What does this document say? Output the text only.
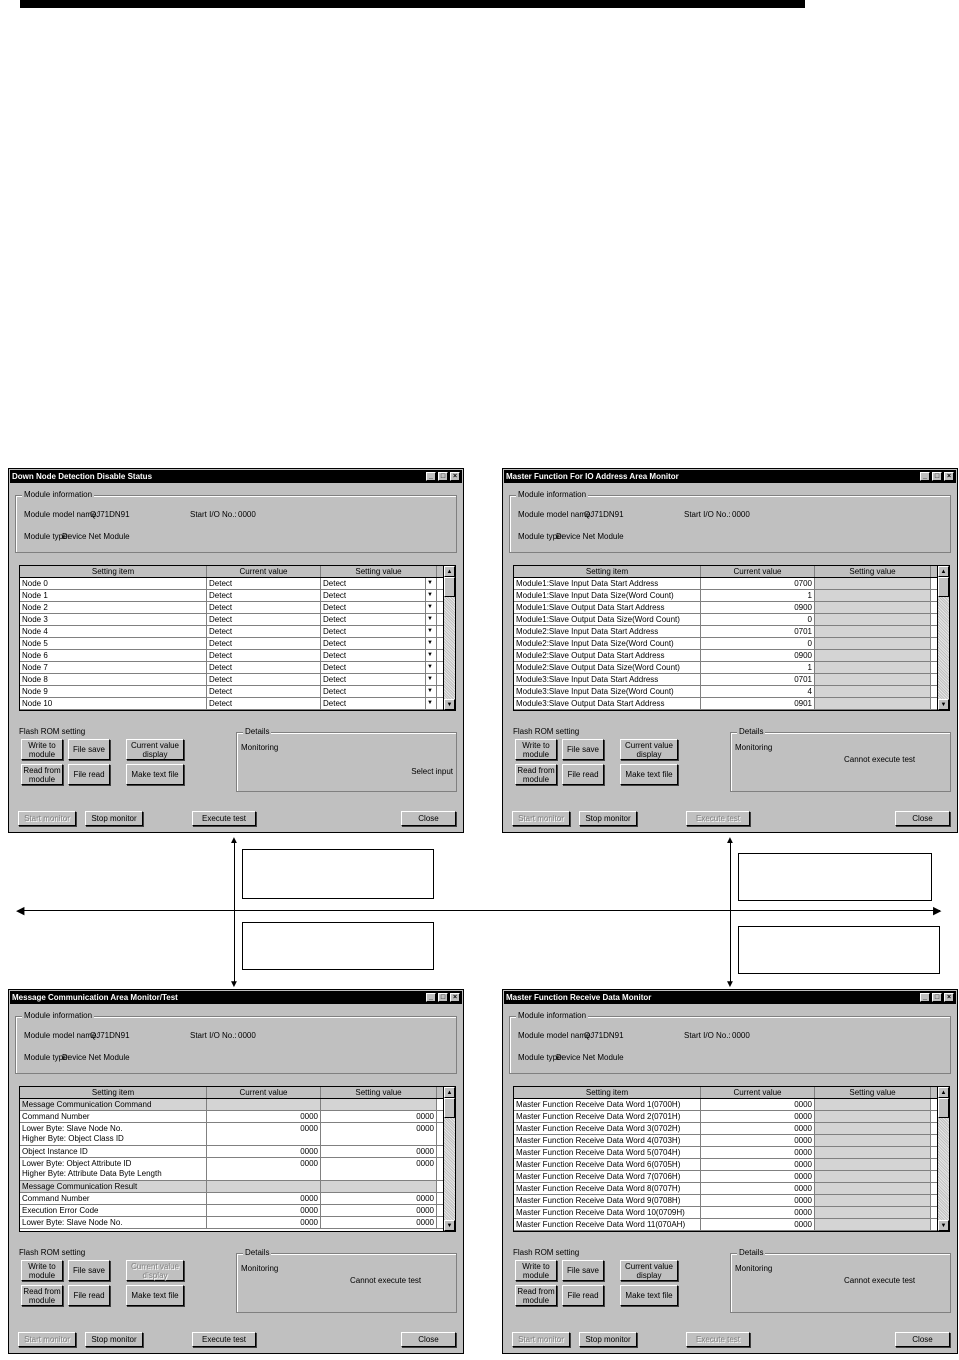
Down Node Detection Disable Status	_	□	×
Module information
Module model name:
QJ71DN91	Start I/O No.: 0000
Module type:
Device Net Module
Setting item	Current value	Setting value
Node 0	Detect	Detect	▼
Node 1	Detect	Detect	▼
Node 2	Detect	Detect	▼
Node 3	Detect	Detect	▼
Node 4	Detect	Detect	▼
Node 5	Detect	Detect	▼
Node 6	Detect	Detect	▼
Node 7	Detect	Detect	▼
Node 8	Detect	Detect	▼
Node 9	Detect	Detect	▼
Node 10	Detect	Detect	▼
▲
▼
Flash ROM setting
Write to module	File save
Read from module	File read
Current value display
Make text file
Details
Monitoring
Select input
Start monitor	Stop monitor	Execute test	Close
Master Function For IO Address Area Monitor	_	□	×
Module information
Module model name:
QJ71DN91	Start I/O No.: 0000
Module type:
Device Net Module
Setting item	Current value	Setting value
Module1:Slave Input Data Start Address	0700
Module1:Slave Input Data Size(Word Count)	1
Module1:Slave Output Data Start Address	0900
Module1:Slave Output Data Size(Word Count)	0
Module2:Slave Input Data Start Address	0701
Module2:Slave Input Data Size(Word Count)	0
Module2:Slave Output Data Start Address	0900
Module2:Slave Output Data Size(Word Count)	1
Module3:Slave Input Data Start Address	0701
Module3:Slave Input Data Size(Word Count)	4
Module3:Slave Output Data Start Address	0901
▲
▼
Flash ROM setting
Write to module	File save
Read from module	File read
Current value display
Make text file
Details
Monitoring
Cannot execute test
Start monitor	Stop monitor	Execute test	Close
Message Communication Area Monitor/Test	_	□	×
Module information
Module model name:
QJ71DN91	Start I/O No.: 0000
Module type:
Device Net Module
Setting item	Current value	Setting value
Message Communication Command
Command Number	0000	0000
Lower Byte: Slave Node No.
Higher Byte: Object Class ID
0000	0000
Object Instance ID	0000	0000
Lower Byte: Object Attribute ID
Higher Byte: Attribute Data Byte Length
0000	0000
Message Communication Result
Command Number	0000	0000
Execution Error Code	0000	0000
Lower Byte: Slave Node No.	0000	0000
▲
▼
Flash ROM setting
Write to module	File save
Read from module	File read
Current value display
Make text file
Details
Monitoring
Cannot execute test
Start monitor	Stop monitor	Execute test	Close
Master Function Receive Data Monitor	_	□	×
Module information
Module model name:
QJ71DN91	Start I/O No.: 0000
Module type:
Device Net Module
Setting item	Current value	Setting value
Master Function Receive Data Word 1(0700H)	0000
Master Function Receive Data Word 2(0701H)	0000
Master Function Receive Data Word 3(0702H)	0000
Master Function Receive Data Word 4(0703H)	0000
Master Function Receive Data Word 5(0704H)	0000
Master Function Receive Data Word 6(0705H)	0000
Master Function Receive Data Word 7(0706H)	0000
Master Function Receive Data Word 8(0707H)	0000
Master Function Receive Data Word 9(0708H)	0000
Master Function Receive Data Word 10(0709H)	0000
Master Function Receive Data Word 11(070AH)	0000
▲
▼
Flash ROM setting
Write to module	File save
Read from module	File read
Current value display
Make text file
Details
Monitoring
Cannot execute test
Start monitor	Stop monitor	Execute test	Close
◀	▶
▲
▼
▲
▼
